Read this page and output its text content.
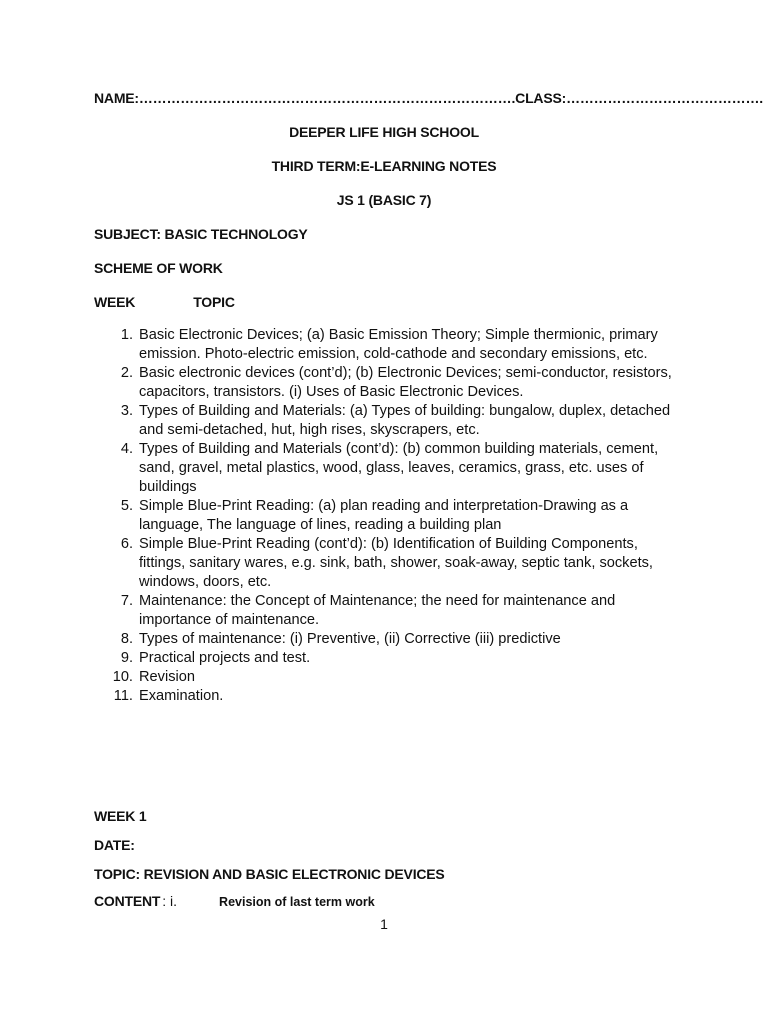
NAME:……………………………………………………………………….CLASS:…………………………………….
DEEPER LIFE HIGH SCHOOL
THIRD TERM:E-LEARNING NOTES
JS 1 (BASIC 7)
SUBJECT: BASIC TECHNOLOGY
SCHEME OF WORK
WEEK	TOPIC
1. Basic Electronic Devices; (a) Basic Emission Theory; Simple thermionic, primary emission. Photo-electric emission, cold-cathode and secondary emissions, etc.
2. Basic electronic devices (cont’d); (b) Electronic Devices; semi-conductor, resistors, capacitors, transistors. (i) Uses of Basic Electronic Devices.
3. Types of Building and Materials: (a) Types of building: bungalow, duplex, detached and semi-detached, hut, high rises, skyscrapers, etc.
4. Types of Building and Materials (cont’d): (b) common building materials, cement, sand, gravel, metal plastics, wood, glass, leaves, ceramics, grass, etc. uses of buildings
5. Simple Blue-Print Reading: (a) plan reading and interpretation-Drawing as a language, The language of lines, reading a building plan
6. Simple Blue-Print Reading (cont’d): (b) Identification of Building Components, fittings, sanitary wares, e.g. sink, bath, shower, soak-away, septic tank, sockets, windows, doors, etc.
7. Maintenance: the Concept of Maintenance; the need for maintenance and importance of maintenance.
8. Types of maintenance: (i) Preventive, (ii) Corrective (iii) predictive
9. Practical projects and test.
10. Revision
11. Examination.
WEEK 1
DATE:
TOPIC: REVISION AND BASIC ELECTRONIC DEVICES
CONTENT : i.	Revision of last term work
1
